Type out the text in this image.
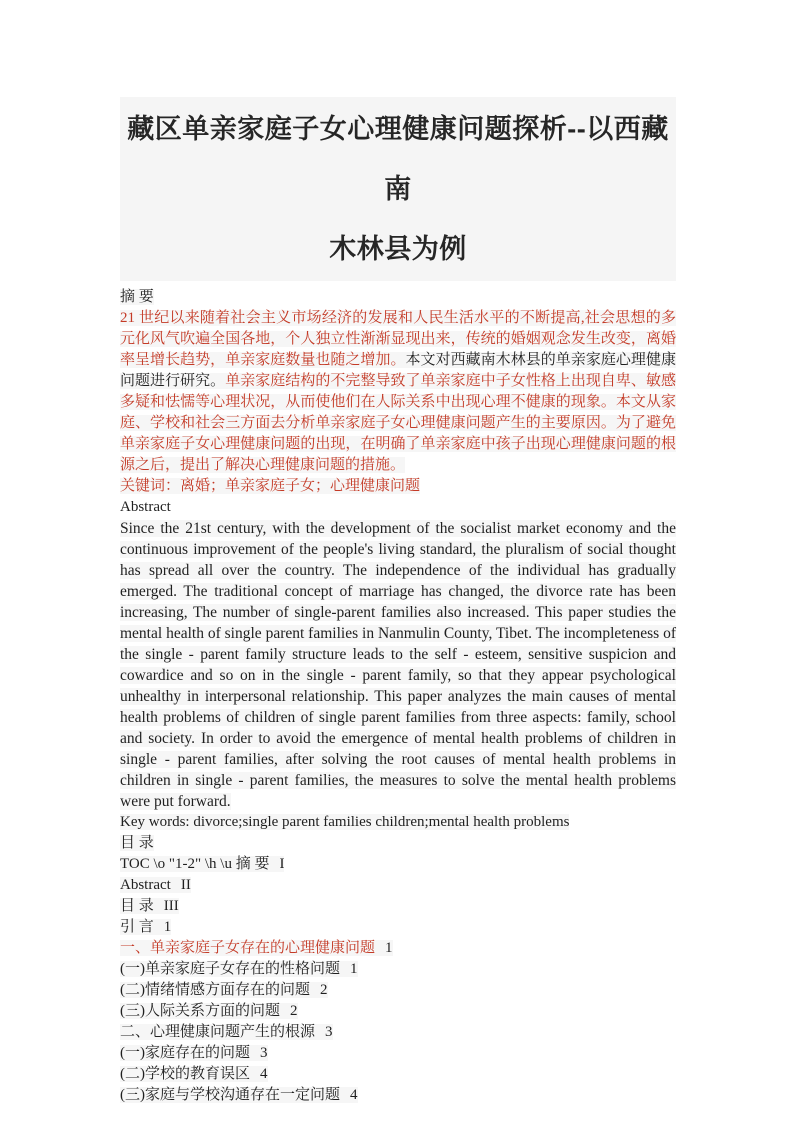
藏区单亲家庭子女心理健康问题探析--以西藏南
木林县为例

摘 要

21 世纪以来随着社会主义市场经济的发展和人民生活水平的不断提高,社会思想的多元化风气吹遍全国各地，个人独立性渐渐显现出来，传统的婚姻观念发生改变，离婚率呈增长趋势，单亲家庭数量也随之增加。本文对西藏南木林县的单亲家庭心理健康问题进行研究。单亲家庭结构的不完整导致了单亲家庭中子女性格上出现自卑、敏感多疑和怯懦等心理状况，从而使他们在人际关系中出现心理不健康的现象。本文从家庭、学校和社会三方面去分析单亲家庭子女心理健康问题产生的主要原因。为了避免单亲家庭子女心理健康问题的出现，在明确了单亲家庭中孩子出现心理健康问题的根源之后，提出了解决心理健康问题的措施。

关键词：离婚；单亲家庭子女；心理健康问题

Abstract

Since the 21st century, with the development of the socialist market economy and the continuous improvement of the people's living standard, the pluralism of social thought has spread all over the country. The independence of the individual has gradually emerged. The traditional concept of marriage has changed, the divorce rate has been increasing, The number of single-parent families also increased. This paper studies the mental health of single parent families in Nanmulin County, Tibet. The incompleteness of the single - parent family structure leads to the self - esteem, sensitive suspicion and cowardice and so on in the single - parent family, so that they appear psychological unhealthy in interpersonal relationship. This paper analyzes the main causes of mental health problems of children of single parent families from three aspects: family, school and society. In order to avoid the emergence of mental health problems of children in single - parent families, after solving the root causes of mental health problems in children in single - parent families, the measures to solve the mental health problems were put forward.

Key words: divorce;single parent families children;mental health problems

目 录

TOC \o "1-2" \h \u 摘 要 I

Abstract II

目 录 III

引 言 1

一、单亲家庭子女存在的心理健康问题 1

(一)单亲家庭子女存在的性格问题 1

(二)情绪情感方面存在的问题 2

(三)人际关系方面的问题 2

二、心理健康问题产生的根源 3

(一)家庭存在的问题 3

(二)学校的教育误区 4

(三)家庭与学校沟通存在一定问题 4
